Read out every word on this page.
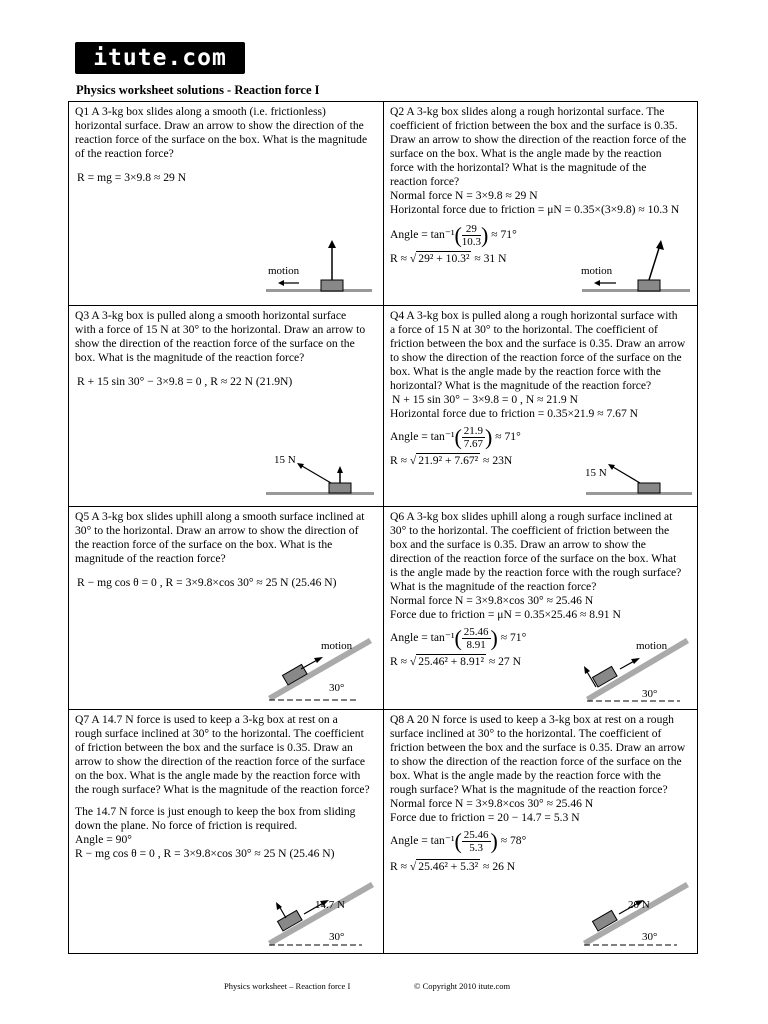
itute.com
Physics worksheet solutions - Reaction force I
Q1 A 3-kg box slides along a smooth (i.e. frictionless)
horizontal surface. Draw an arrow to show the direction of the
reaction force of the surface on the box. What is the magnitude
of the reaction force?
R = mg = 3×9.8 ≈ 29 N
motion
Q2 A 3-kg box slides along a rough horizontal surface. The
coefficient of friction between the box and the surface is 0.35.
Draw an arrow to show the direction of the reaction force of the
surface on the box. What is the angle made by the reaction
force with the horizontal? What is the magnitude of the
reaction force?
Normal force N = 3×9.8 ≈ 29 N
Horizontal force due to friction = μN = 0.35×(3×9.8) ≈ 10.3 N
Angle = $\tan^{-1}( \frac{29}{10.3}) \approx 71^\circ$
R ≈ √ 29² + 10.3² ≈ 31 N
motion
Q3 A 3-kg box is pulled along a smooth horizontal surface
with a force of 15 N at 30° to the horizontal. Draw an arrow to
show the direction of the reaction force of the surface on the
box. What is the magnitude of the reaction force?
R + 15 sin 30° − 3×9.8 = 0 , R ≈ 22 N (21.9N)
15 N
Q4 A 3-kg box is pulled along a rough horizontal surface with
a force of 15 N at 30° to the horizontal. The coefficient of
friction between the box and the surface is 0.35. Draw an arrow
to show the direction of the reaction force of the surface on the
box. What is the angle made by the reaction force with the
horizontal? What is the magnitude of the reaction force?
N + 15 sin 30° − 3×9.8 = 0 , N ≈ 21.9 N
Horizontal force due to friction = 0.35×21.9 ≈ 7.67 N
Angle = $\tan^{-1}( \frac{21.9}{7.67}) \approx 71^\circ$
R ≈ √ 21.9² + 7.67² ≈ 23N
15 N
Q5 A 3-kg box slides uphill along a smooth surface inclined at
30° to the horizontal. Draw an arrow to show the direction of
the reaction force of the surface on the box. What is the
magnitude of the reaction force?
R − mg cos θ = 0 , R = 3×9.8×cos 30° ≈ 25 N (25.46 N)
motion
30°
Q6 A 3-kg box slides uphill along a rough surface inclined at
30° to the horizontal. The coefficient of friction between the
box and the surface is 0.35. Draw an arrow to show the
direction of the reaction force of the surface on the box. What
is the angle made by the reaction force with the rough surface?
What is the magnitude of the reaction force?
Normal force N = 3×9.8×cos 30° ≈ 25.46 N
Force due to friction = μN = 0.35×25.46 ≈ 8.91 N
Angle = $\tan^{-1}( \frac{25.46}{8.91}) \approx 71^\circ$
R ≈ √ 25.46² + 8.91² ≈ 27 N
motion
30°
Q7 A 14.7 N force is used to keep a 3-kg box at rest on a
rough surface inclined at 30° to the horizontal. The coefficient
of friction between the box and the surface is 0.35. Draw an
arrow to show the direction of the reaction force of the surface
on the box. What is the angle made by the reaction force with
the rough surface? What is the magnitude of the reaction force?
The 14.7 N force is just enough to keep the box from sliding
down the plane. No force of friction is required.
Angle = 90°
R − mg cos θ = 0 , R = 3×9.8×cos 30° ≈ 25 N (25.46 N)
14.7 N
30°
Q8 A 20 N force is used to keep a 3-kg box at rest on a rough
surface inclined at 30° to the horizontal. The coefficient of
friction between the box and the surface is 0.35. Draw an arrow
to show the direction of the reaction force of the surface on the
box. What is the angle made by the reaction force with the
rough surface? What is the magnitude of the reaction force?
Normal force N = 3×9.8×cos 30° ≈ 25.46 N
Force due to friction = 20 − 14.7 = 5.3 N
Angle = $\tan^{-1}( \frac{25.46}{5.3}) \approx 78^\circ$
R ≈ √ 25.46² + 5.3² ≈ 26 N
20 N
30°
Physics worksheet – Reaction force I	© Copyright 2010 itute.com
